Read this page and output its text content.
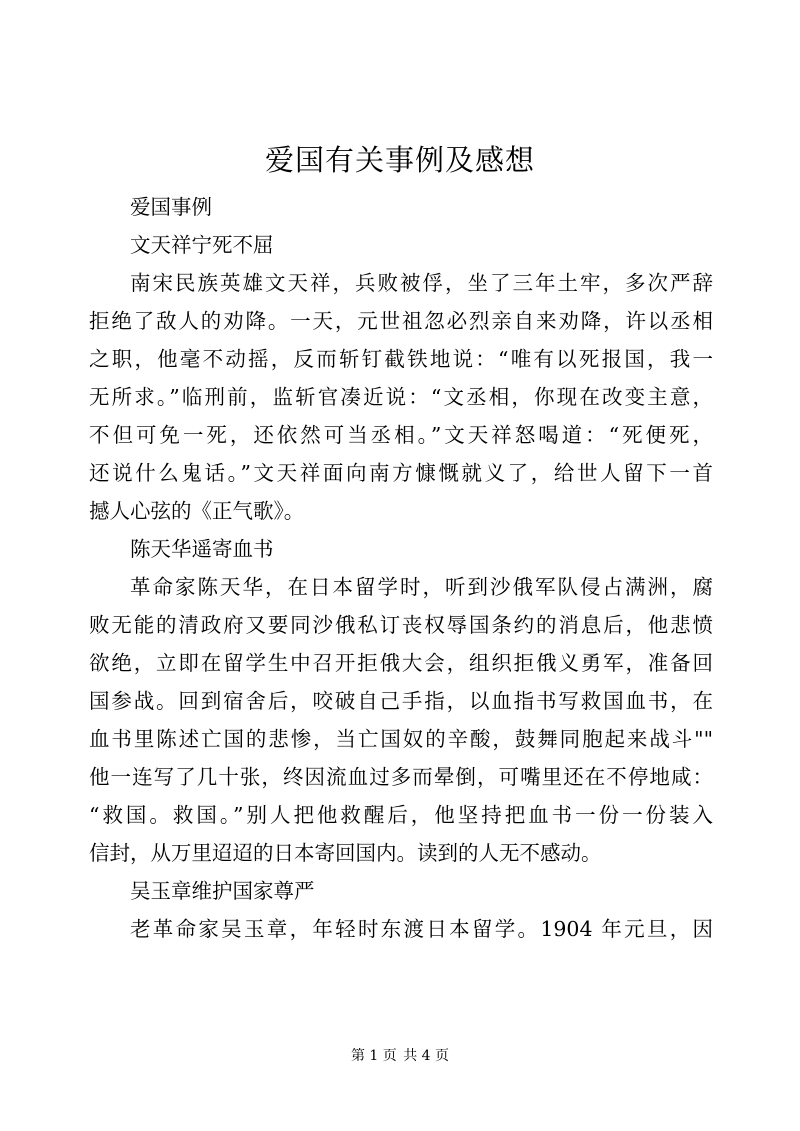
爱国有关事例及感想

爱国事例

文天祥宁死不屈

南宋民族英雄文天祥，兵败被俘，坐了三年土牢，多次严辞
拒绝了敌人的劝降。一天，元世祖忽必烈亲自来劝降，许以丞相
之职，他毫不动摇，反而斩钉截铁地说：“唯有以死报国，我一
无所求。”临刑前，监斩官凑近说：“文丞相，你现在改变主意，
不但可免一死，还依然可当丞相。”文天祥怒喝道：“死便死，
还说什么鬼话。”文天祥面向南方慷慨就义了，给世人留下一首
撼人心弦的《正气歌》。

陈天华遥寄血书

革命家陈天华，在日本留学时，听到沙俄军队侵占满洲，腐
败无能的清政府又要同沙俄私订丧权辱国条约的消息后，他悲愤
欲绝，立即在留学生中召开拒俄大会，组织拒俄义勇军，准备回
国参战。回到宿舍后，咬破自己手指，以血指书写救国血书，在
血书里陈述亡国的悲惨，当亡国奴的辛酸，鼓舞同胞起来战斗""
他一连写了几十张，终因流血过多而晕倒，可嘴里还在不停地咸：
“救国。救国。”别人把他救醒后，他坚持把血书一份一份装入
信封，从万里迢迢的日本寄回国内。读到的人无不感动。

吴玉章维护国家尊严

老革命家吴玉章，年轻时东渡日本留学。1904 年元旦，因
第 1 页 共 4 页
